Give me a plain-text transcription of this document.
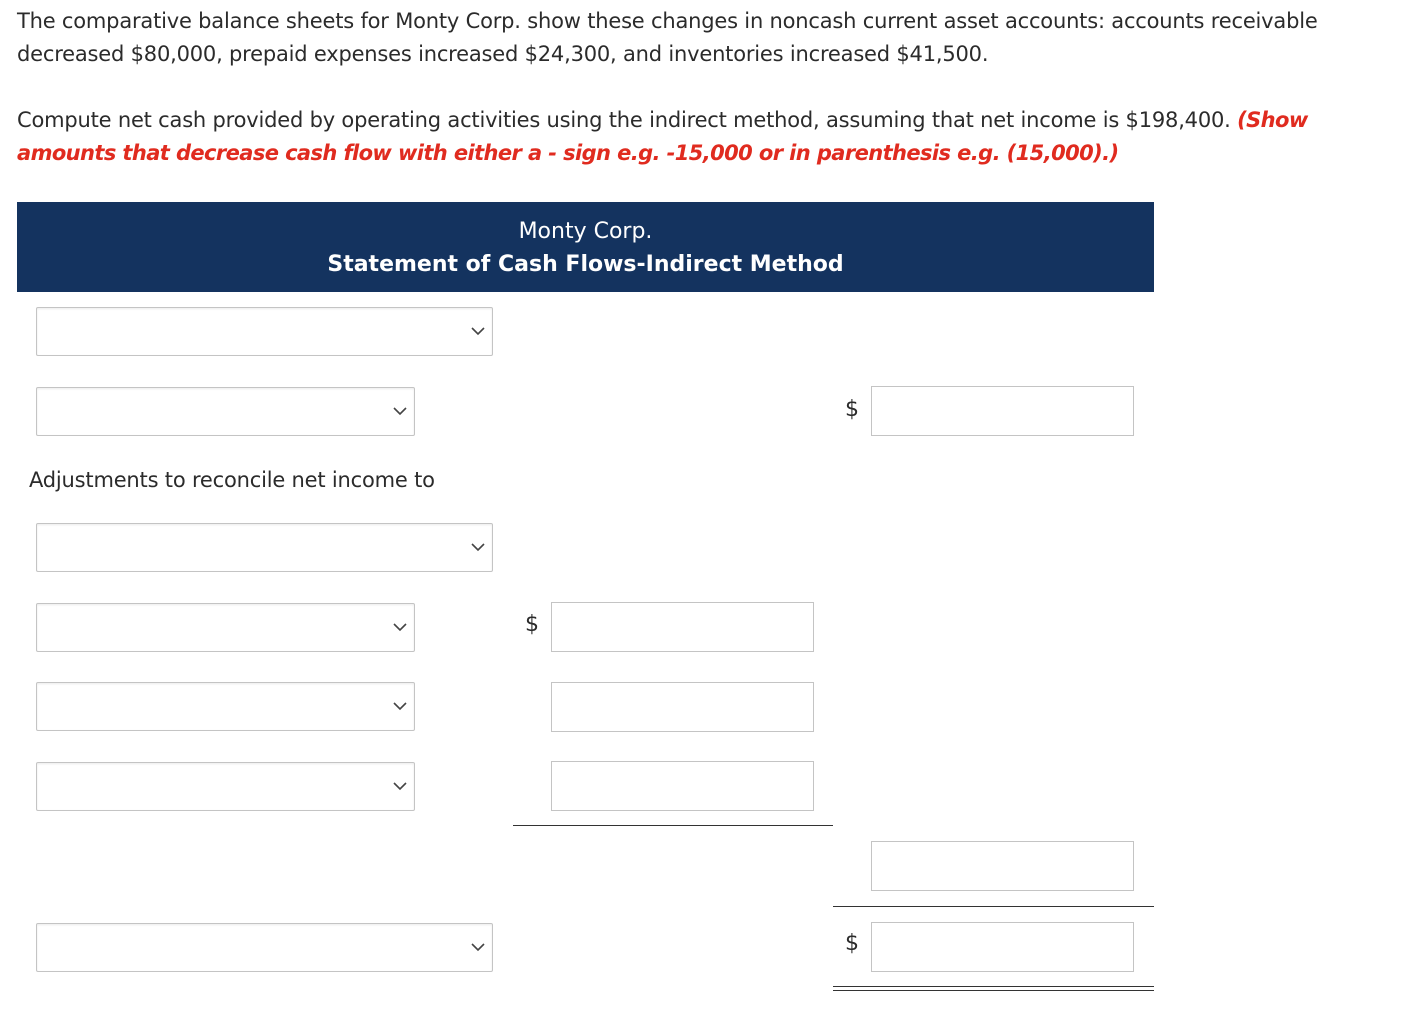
The comparative balance sheets for Monty Corp. show these changes in noncash current asset accounts: accounts receivable decreased $80,000, prepaid expenses increased $24,300, and inventories increased $41,500.

Compute net cash provided by operating activities using the indirect method, assuming that net income is $198,400. (Show amounts that decrease cash flow with either a - sign e.g. -15,000 or in parenthesis e.g. (15,000).)

Monty Corp.
Statement of Cash Flows-Indirect Method
$
Adjustments to reconcile net income to
$
$
